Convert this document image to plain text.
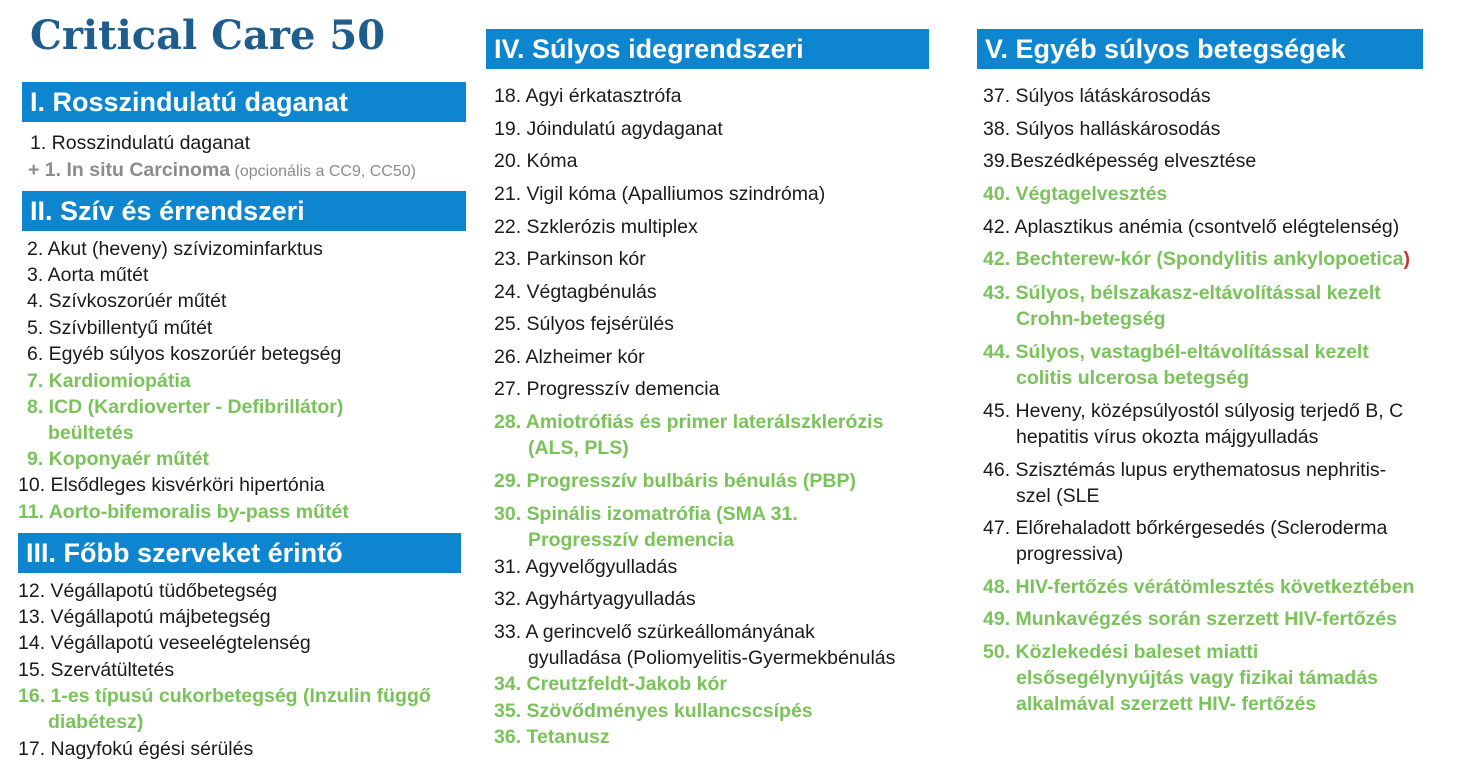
Critical Care 50
I. Rosszindulatú daganat
1. Rosszindulatú daganat
+ 1. In situ Carcinoma (opcionális a CC9, CC50)
II. Szív és érrendszeri
2. Akut (heveny) szívizominfarktus
3. Aorta műtét
4. Szívkoszorúér műtét
5. Szívbillentyű műtét
6. Egyéb súlyos koszorúér betegség
7. Kardiomiopátia
8. ICD (Kardioverter - Defibrillátor)
beültetés
9. Koponyaér műtét
10. Elsődleges kisvérköri hipertónia
11. Aorto-bifemoralis by-pass műtét
III. Főbb szerveket érintő
12. Végállapotú tüdőbetegség
13. Végállapotú májbetegség
14. Végállapotú veseelégtelenség
15. Szervátültetés
16. 1-es típusú cukorbetegség (Inzulin függő
diabétesz)
17. Nagyfokú égési sérülés
IV. Súlyos idegrendszeri
18. Agyi érkatasztrófa
19. Jóindulatú agydaganat
20. Kóma
21. Vigil kóma (Apalliumos szindróma)
22. Szklerózis multiplex
23. Parkinson kór
24. Végtagbénulás
25. Súlyos fejsérülés
26. Alzheimer kór
27. Progresszív demencia
28. Amiotrófiás és primer laterálszklerózis
(ALS, PLS)
29. Progresszív bulbáris bénulás (PBP)
30. Spinális izomatrófia (SMA 31.
Progresszív demencia
31. Agyvelőgyulladás
32. Agyhártyagyulladás
33. A gerincvelő szürkeállományának
gyulladása (Poliomyelitis-Gyermekbénulás
34. Creutzfeldt-Jakob kór
35. Szövődményes kullancscsípés
36. Tetanusz
V. Egyéb súlyos betegségek
37. Súlyos látáskárosodás
38. Súlyos halláskárosodás
39.Beszédképesség elvesztése
40. Végtagelvesztés
42. Aplasztikus anémia (csontvelő elégtelenség)
42. Bechterew-kór (Spondylitis ankylopoetica)
43. Súlyos, bélszakasz-eltávolítással kezelt
Crohn-betegség
44. Súlyos, vastagbél-eltávolítással kezelt
colitis ulcerosa betegség
45. Heveny, középsúlyostól súlyosig terjedő B, C
hepatitis vírus okozta májgyulladás
46. Szisztémás lupus erythematosus nephritis-
szel (SLE
47. Előrehaladott bőrkérgesedés (Scleroderma
progressiva)
48. HIV-fertőzés vérátömlesztés következtében
49. Munkavégzés során szerzett HIV-fertőzés
50. Közlekedési baleset miatti
elsősegélynyújtás vagy fizikai támadás
alkalmával szerzett HIV- fertőzés
